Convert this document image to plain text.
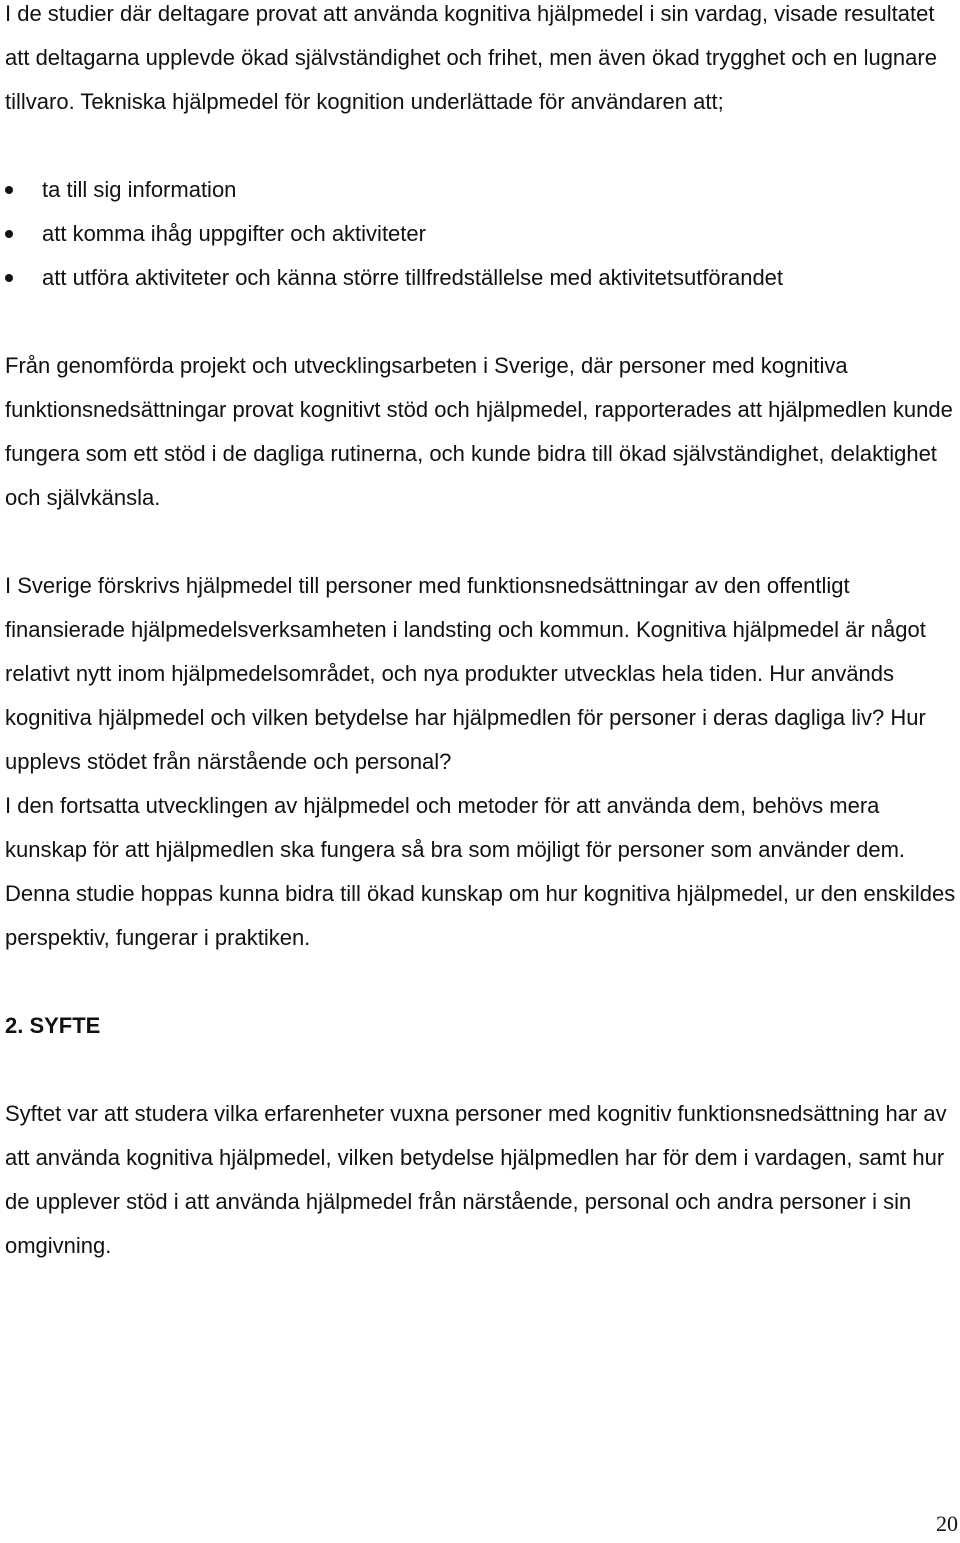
I de studier där deltagare provat att använda kognitiva hjälpmedel i sin vardag, visade resultatet att deltagarna upplevde ökad självständighet och frihet, men även ökad trygghet och en lugnare tillvaro. Tekniska hjälpmedel för kognition underlättade för användaren att;

ta till sig information
att komma ihåg uppgifter och aktiviteter
att utföra aktiviteter och känna större tillfredställelse med aktivitetsutförandet

Från genomförda projekt och utvecklingsarbeten i Sverige, där personer med kognitiva funktionsnedsättningar provat kognitivt stöd och hjälpmedel, rapporterades att hjälpmedlen kunde fungera som ett stöd i de dagliga rutinerna, och kunde bidra till ökad självständighet, delaktighet och självkänsla.

I Sverige förskrivs hjälpmedel till personer med funktionsnedsättningar av den offentligt finansierade hjälpmedelsverksamheten i landsting och kommun. Kognitiva hjälpmedel är något relativt nytt inom hjälpmedelsområdet, och nya produkter utvecklas hela tiden. Hur används kognitiva hjälpmedel och vilken betydelse har hjälpmedlen för personer i deras dagliga liv? Hur upplevs stödet från närstående och personal?

I den fortsatta utvecklingen av hjälpmedel och metoder för att använda dem, behövs mera kunskap för att hjälpmedlen ska fungera så bra som möjligt för personer som använder dem. Denna studie hoppas kunna bidra till ökad kunskap om hur kognitiva hjälpmedel, ur den enskildes perspektiv, fungerar i praktiken.

2. SYFTE

Syftet var att studera vilka erfarenheter vuxna personer med kognitiv funktionsnedsättning har av att använda kognitiva hjälpmedel, vilken betydelse hjälpmedlen har för dem i vardagen, samt hur de upplever stöd i att använda hjälpmedel från närstående, personal och andra personer i sin omgivning.

20
